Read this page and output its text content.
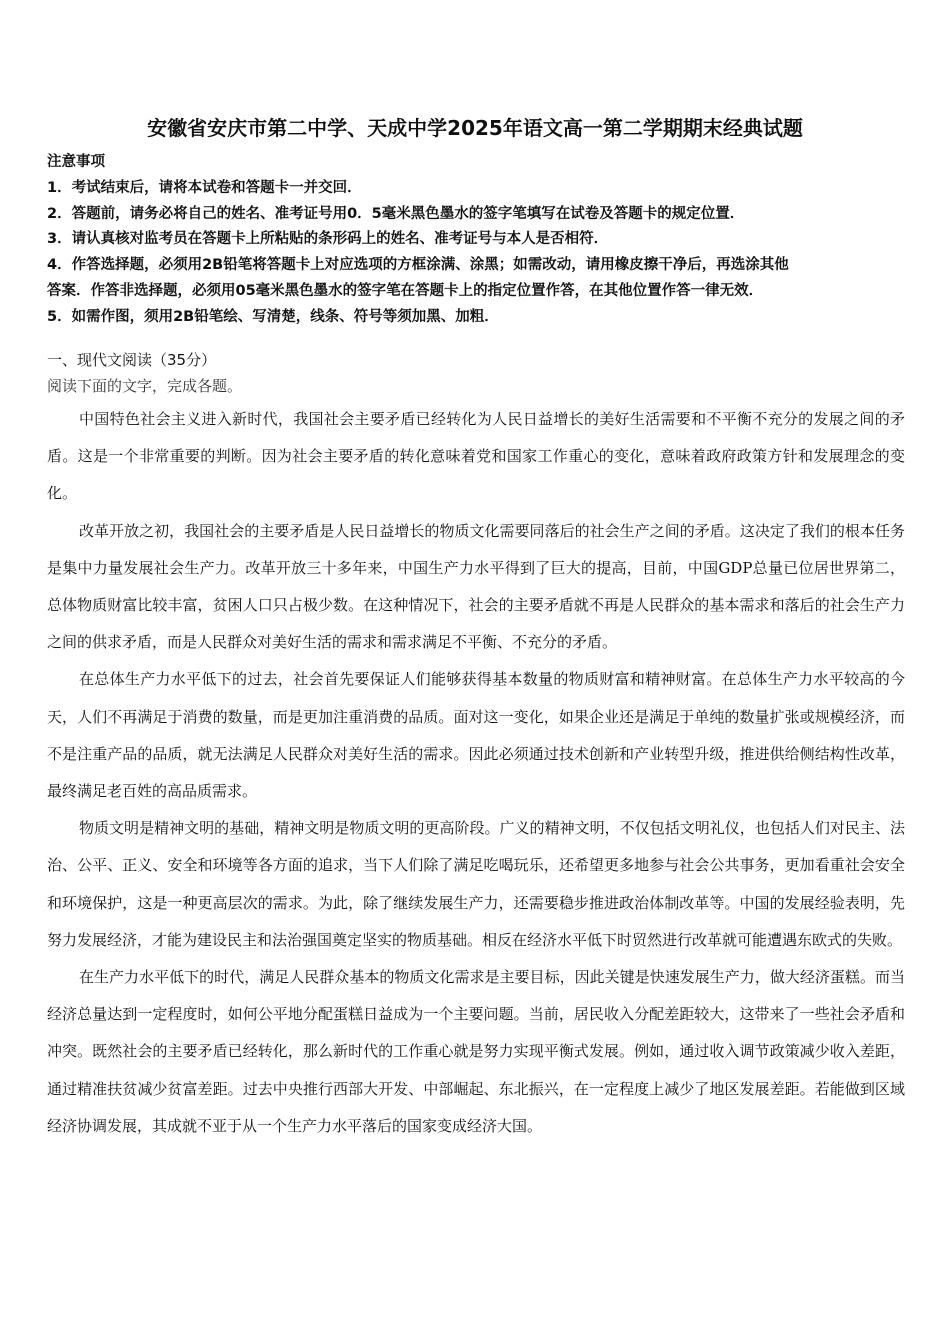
安徽省安庆市第二中学、天成中学2025年语文高一第二学期期末经典试题
注意事项
1．考试结束后，请将本试卷和答题卡一并交回．
2．答题前，请务必将自己的姓名、准考证号用0．5毫米黑色墨水的签字笔填写在试卷及答题卡的规定位置．
3．请认真核对监考员在答题卡上所粘贴的条形码上的姓名、准考证号与本人是否相符．
4．作答选择题，必须用2B铅笔将答题卡上对应选项的方框涂满、涂黑；如需改动，请用橡皮擦干净后，再选涂其他
答案．作答非选择题，必须用05毫米黑色墨水的签字笔在答题卡上的指定位置作答，在其他位置作答一律无效．
5．如需作图，须用2B铅笔绘、写清楚，线条、符号等须加黑、加粗．
一、现代文阅读（35分）
阅读下面的文字，完成各题。

中国特色社会主义进入新时代，我国社会主要矛盾已经转化为人民日益增长的美好生活需要和不平衡不充分的发展之间的矛盾。这是一个非常重要的判断。因为社会主要矛盾的转化意味着党和国家工作重心的变化，意味着政府政策方针和发展理念的变化。

改革开放之初，我国社会的主要矛盾是人民日益增长的物质文化需要同落后的社会生产之间的矛盾。这决定了我们的根本任务是集中力量发展社会生产力。改革开放三十多年来，中国生产力水平得到了巨大的提高，目前，中国GDP总量已位居世界第二，总体物质财富比较丰富，贫困人口只占极少数。在这种情况下，社会的主要矛盾就不再是人民群众的基本需求和落后的社会生产力之间的供求矛盾，而是人民群众对美好生活的需求和需求满足不平衡、不充分的矛盾。

在总体生产力水平低下的过去，社会首先要保证人们能够获得基本数量的物质财富和精神财富。在总体生产力水平较高的今天，人们不再满足于消费的数量，而是更加注重消费的品质。面对这一变化，如果企业还是满足于单纯的数量扩张或规模经济，而不是注重产品的品质，就无法满足人民群众对美好生活的需求。因此必须通过技术创新和产业转型升级，推进供给侧结构性改革，最终满足老百姓的高品质需求。

物质文明是精神文明的基础，精神文明是物质文明的更高阶段。广义的精神文明，不仅包括文明礼仪，也包括人们对民主、法治、公平、正义、安全和环境等各方面的追求，当下人们除了满足吃喝玩乐，还希望更多地参与社会公共事务，更加看重社会安全和环境保护，这是一种更高层次的需求。为此，除了继续发展生产力，还需要稳步推进政治体制改革等。中国的发展经验表明，先努力发展经济，才能为建设民主和法治强国奠定坚实的物质基础。相反在经济水平低下时贸然进行改革就可能遭遇东欧式的失败。

在生产力水平低下的时代，满足人民群众基本的物质文化需求是主要目标，因此关键是快速发展生产力，做大经济蛋糕。而当经济总量达到一定程度时，如何公平地分配蛋糕日益成为一个主要问题。当前，居民收入分配差距较大，这带来了一些社会矛盾和冲突。既然社会的主要矛盾已经转化，那么新时代的工作重心就是努力实现平衡式发展。例如，通过收入调节政策减少收入差距，通过精准扶贫减少贫富差距。过去中央推行西部大开发、中部崛起、东北振兴，在一定程度上减少了地区发展差距。若能做到区域经济协调发展，其成就不亚于从一个生产力水平落后的国家变成经济大国。
